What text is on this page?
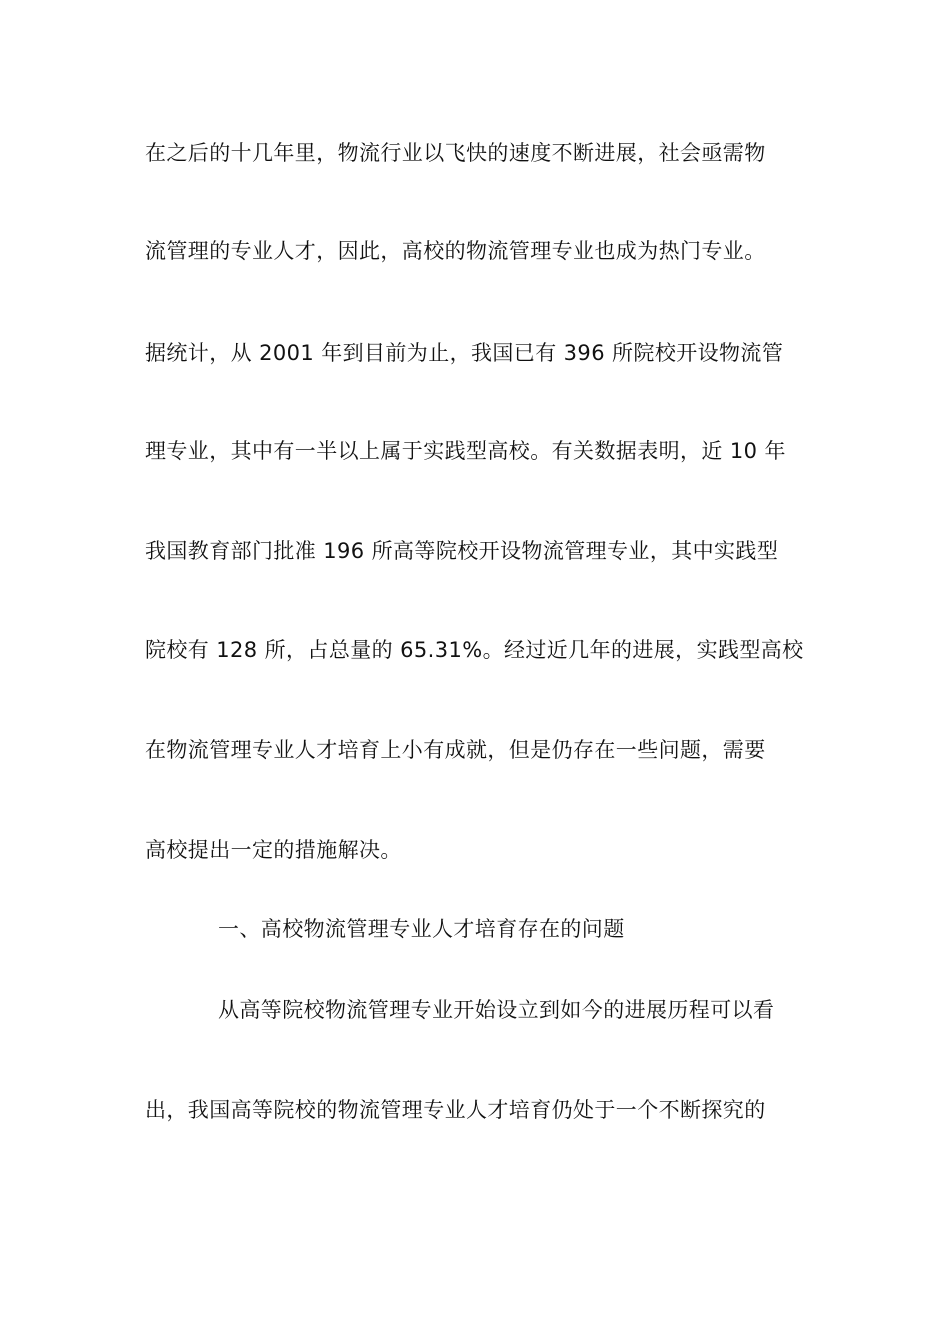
在之后的十几年里，物流行业以飞快的速度不断进展，社会亟需物
流管理的专业人才，因此，高校的物流管理专业也成为热门专业。
据统计，从 2001 年到目前为止，我国已有 396 所院校开设物流管
理专业，其中有一半以上属于实践型高校。有关数据表明，近 10 年
我国教育部门批准 196 所高等院校开设物流管理专业，其中实践型
院校有 128 所，占总量的 65.31%。经过近几年的进展，实践型高校
在物流管理专业人才培育上小有成就，但是仍存在一些问题，需要
高校提出一定的措施解决。
一、高校物流管理专业人才培育存在的问题
从高等院校物流管理专业开始设立到如今的进展历程可以看
出，我国高等院校的物流管理专业人才培育仍处于一个不断探究的
